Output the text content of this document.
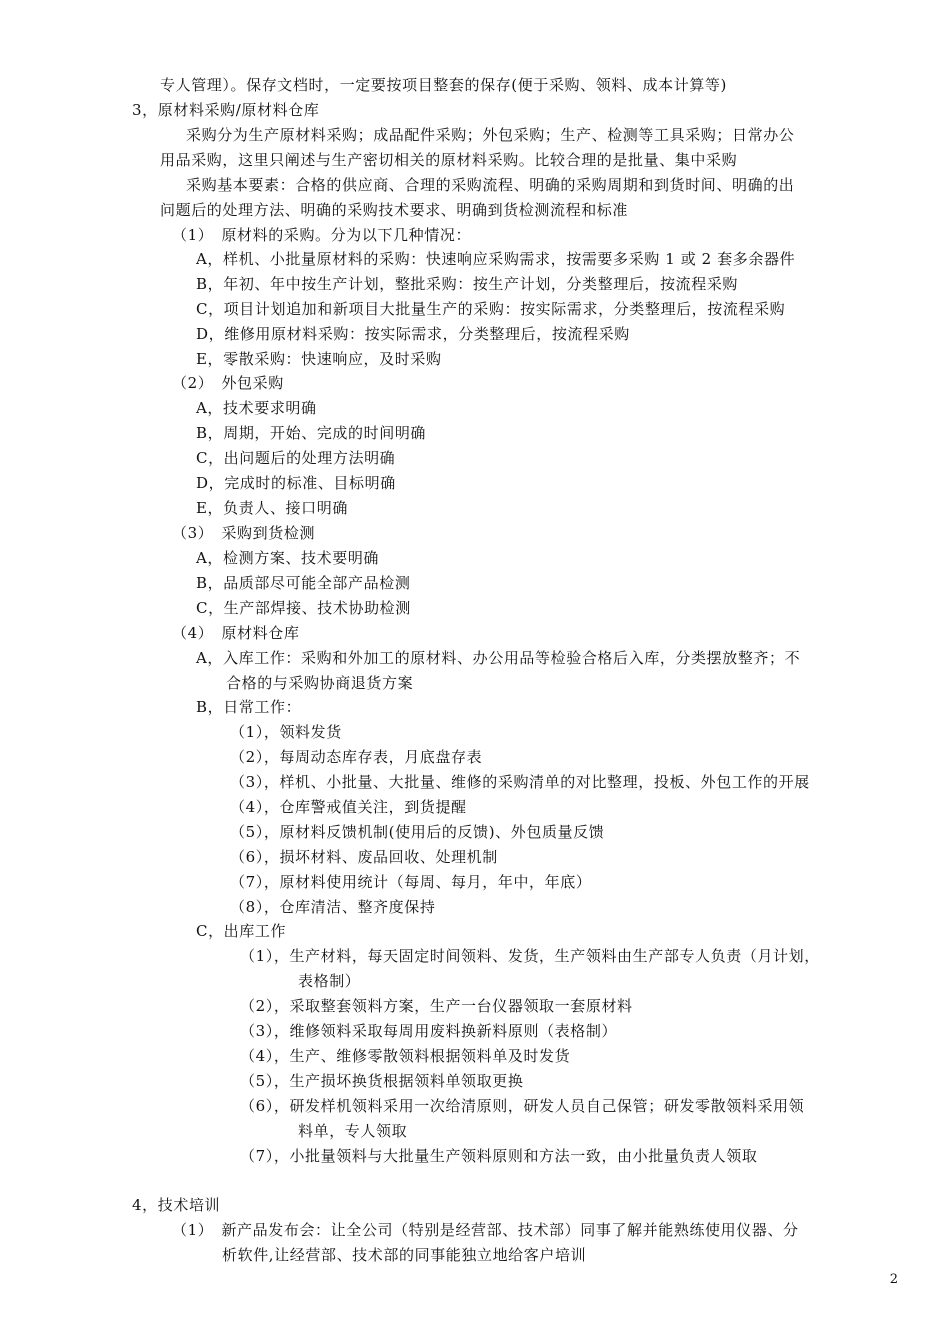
专人管理）。保存文档时，一定要按项目整套的保存(便于采购、领料、成本计算等)
3，原材料采购/原材料仓库
采购分为生产原材料采购；成品配件采购；外包采购；生产、检测等工具采购；日常办公
用品采购，这里只阐述与生产密切相关的原材料采购。比较合理的是批量、集中采购
采购基本要素：合格的供应商、合理的采购流程、明确的采购周期和到货时间、明确的出
问题后的处理方法、明确的采购技术要求、明确到货检测流程和标准
（1）　原材料的采购。分为以下几种情况：
A，样机、小批量原材料的采购：快速响应采购需求，按需要多采购 1 或 2 套多余器件
B，年初、年中按生产计划，整批采购：按生产计划，分类整理后，按流程采购
C，项目计划追加和新项目大批量生产的采购：按实际需求，分类整理后，按流程采购
D，维修用原材料采购：按实际需求，分类整理后，按流程采购
E，零散采购：快速响应，及时采购
（2）　外包采购
A，技术要求明确
B，周期，开始、完成的时间明确
C，出问题后的处理方法明确
D，完成时的标准、目标明确
E，负责人、接口明确
（3）　采购到货检测
A，检测方案、技术要明确
B，品质部尽可能全部产品检测
C，生产部焊接、技术协助检测
（4）　原材料仓库
A，入库工作：采购和外加工的原材料、办公用品等检验合格后入库，分类摆放整齐；不
合格的与采购协商退货方案
B，日常工作：
（1），领料发货
（2），每周动态库存表，月底盘存表
（3），样机、小批量、大批量、维修的采购清单的对比整理，投板、外包工作的开展
（4），仓库警戒值关注，到货提醒
（5），原材料反馈机制(使用后的反馈)、外包质量反馈
（6），损坏材料、废品回收、处理机制
（7），原材料使用统计（每周、每月，年中，年底）
（8），仓库清洁、整齐度保持
C，出库工作
（1），生产材料，每天固定时间领料、发货，生产领料由生产部专人负责（月计划，
表格制）
（2），采取整套领料方案，生产一台仪器领取一套原材料
（3），维修领料采取每周用废料换新料原则（表格制）
（4），生产、维修零散领料根据领料单及时发货
（5），生产损坏换货根据领料单领取更换
（6），研发样机领料采用一次给清原则，研发人员自己保管；研发零散领料采用领
料单，专人领取
（7），小批量领料与大批量生产领料原则和方法一致，由小批量负责人领取
4，技术培训
（1）　新产品发布会：让全公司（特别是经营部、技术部）同事了解并能熟练使用仪器、分
析软件,让经营部、技术部的同事能独立地给客户培训
2
